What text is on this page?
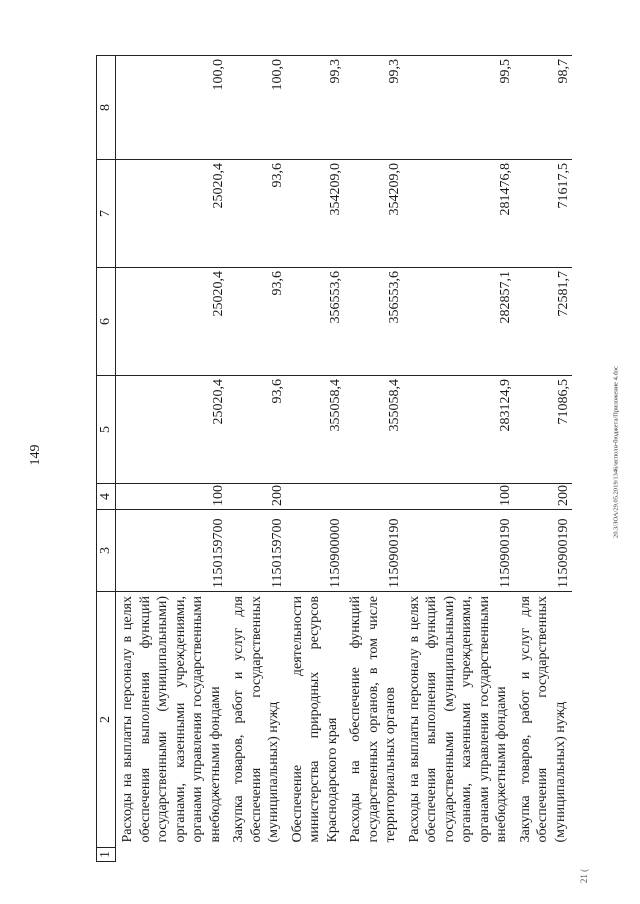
149	20.3/ЗОА/29.05.2019/1346/исполн-бюджета/Приложение 4.doc
21 (
1	2	3	4	5	6	7	8
	Расходы на выплаты персоналу в целях обеспечения выполнения функций государственными (муниципальными) органами, казенными учреждениями, органами управления государственными внебюджетными фондами	1150159700	100	25020,4	25020,4	25020,4	100,0
	Закупка товаров, работ и услуг для обеспечения государственных (муниципальных) нужд	1150159700	200	93,6	93,6	93,6	100,0
	Обеспечение деятельности министерства природных ресурсов Краснодарского края	1150900000		355058,4	356553,6	354209,0	99,3
	Расходы на обеспечение функций государственных органов, в том числе территориальных органов	1150900190		355058,4	356553,6	354209,0	99,3
	Расходы на выплаты персоналу в целях обеспечения выполнения функций государственными (муниципальными) органами, казенными учреждениями, органами управления государственными внебюджетными фондами	1150900190	100	283124,9	282857,1	281476,8	99,5
	Закупка товаров, работ и услуг для обеспечения государственных (муниципальных) нужд	1150900190	200	71086,5	72581,7	71617,5	98,7
